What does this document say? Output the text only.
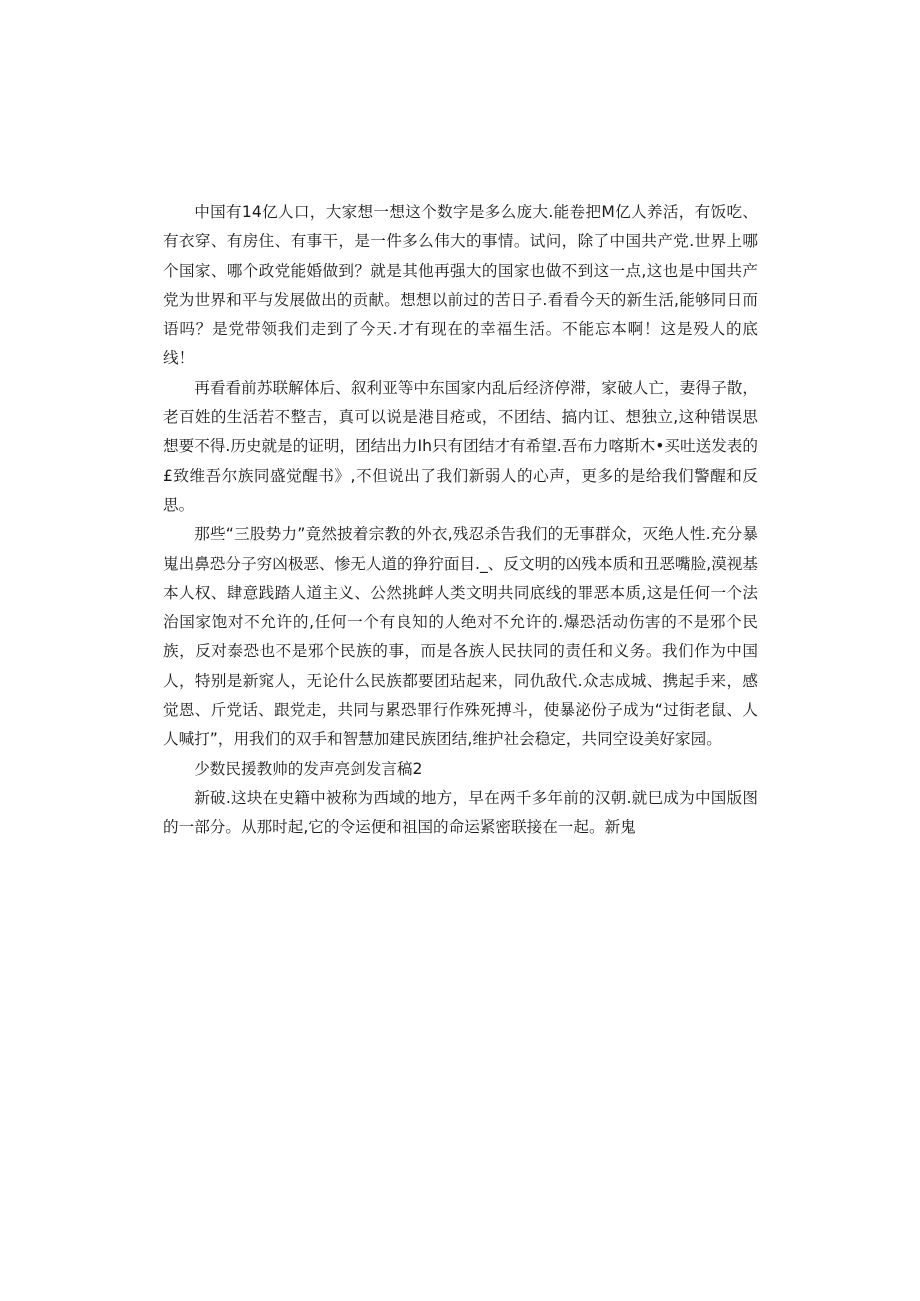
中国有14亿人口，大家想一想这个数字是多么庞大.能卷把M亿人养活，有饭吃、有衣穿、有房住、有事干，是一件多么伟大的事情。试问，除了中国共产党.世界上哪个国家、哪个政党能婚做到？就是其他再强大的国家也做不到这一点,这也是中国共产党为世界和平与发展做出的贡献。想想以前过的苦日子.看看今天的新生活,能够同日而语吗？是党带领我们走到了今天.才有现在的幸福生活。不能忘本啊！这是殁人的底线！

再看看前苏联解体后、叙利亚等中东国家内乱后经济停滞，家破人亡，妻得子散，老百姓的生活若不整吉，真可以说是港目疮或，不团结、搞内讧、想独立,这种错误思想要不得.历史就是的证明，团结出力Ih只有团结才有希望.吾布力喀斯木•买吐送发表的£致维吾尔族同盛觉醒书》,不但说出了我们新弱人的心声，更多的是给我们警醒和反思。

那些“三股势力”竟然披着宗教的外衣,残忍杀告我们的无事群众，灭绝人性.充分暴嵬出鼻恐分子穷凶极恶、惨无人道的狰狞面目._、反文明的凶残本质和丑恶嘴脸,漠视基本人权、肆意践踏人道主义、公然挑衅人类文明共同底线的罪恶本质,这是任何一个法治国家饱对不允许的,任何一个有良知的人绝对不允许的.爆恐活动伤害的不是邪个民族，反对泰恐也不是邪个民族的事，而是各族人民扶同的责任和义务。我们作为中国人，特别是新窕人，无论什么民族都要团玷起来，同仇敌代.众志成城、携起手来，感觉恩、斤党话、跟党走，共同与累恐罪行作殊死搏斗，使暴泌份子成为“过街老鼠、人人喊打”，用我们的双手和智慧加建民族团结,维护社会稳定，共同空设美好家园。

少数民援教帅的发声亮剑发言稿2

新破.这块在史籍中被称为西域的地方，早在两千多年前的汉朝.就巳成为中国版图的一部分。从那时起,它的令运便和祖国的命运紧密联接在一起。新鬼
